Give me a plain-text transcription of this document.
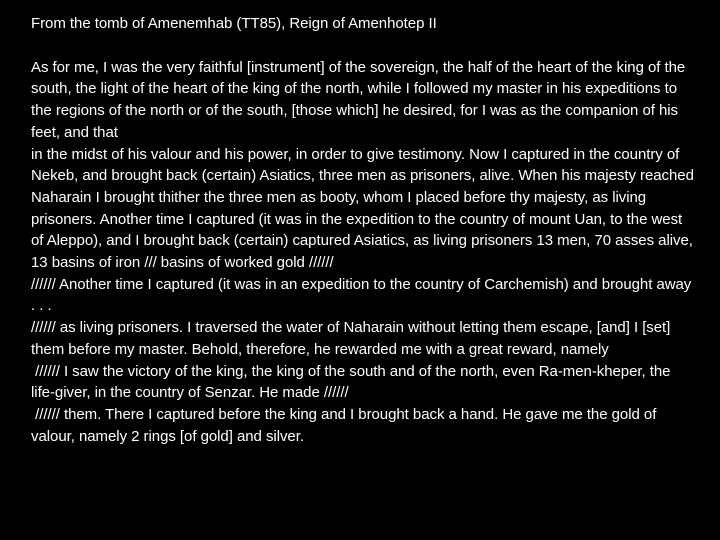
From the tomb of Amenemhab (TT85), Reign of Amenhotep II

As for me, I was the very faithful [instrument] of the sovereign, the half of the heart of the king of the south, the light of the heart of the king of the north, while I followed my master in his expeditions to the regions of the north or of the south, [those which] he desired, for I was as the companion of his feet, and that

in the midst of his valour and his power, in order to give testimony. Now I captured in the country of Nekeb, and brought back (certain) Asiatics, three men as prisoners, alive. When his majesty reached Naharain I brought thither the three men as booty, whom I placed before thy majesty, as living prisoners. Another time I captured (it was in the expedition to the country of mount Uan, to the west of Aleppo), and I brought back (certain) captured Asiatics, as living prisoners 13 men, 70 asses alive, 13 basins of iron /// basins of worked gold //////

////// Another time I captured (it was in an expedition to the country of Carchemish) and brought away . . .

////// as living prisoners. I traversed the water of Naharain without letting them escape, [and] I [set] them before my master. Behold, therefore, he rewarded me with a great reward, namely

////// I saw the victory of the king, the king of the south and of the north, even Ra-men-kheper, the life-giver, in the country of Senzar. He made //////

////// them. There I captured before the king and I brought back a hand. He gave me the gold of valour, namely 2 rings [of gold] and silver.
